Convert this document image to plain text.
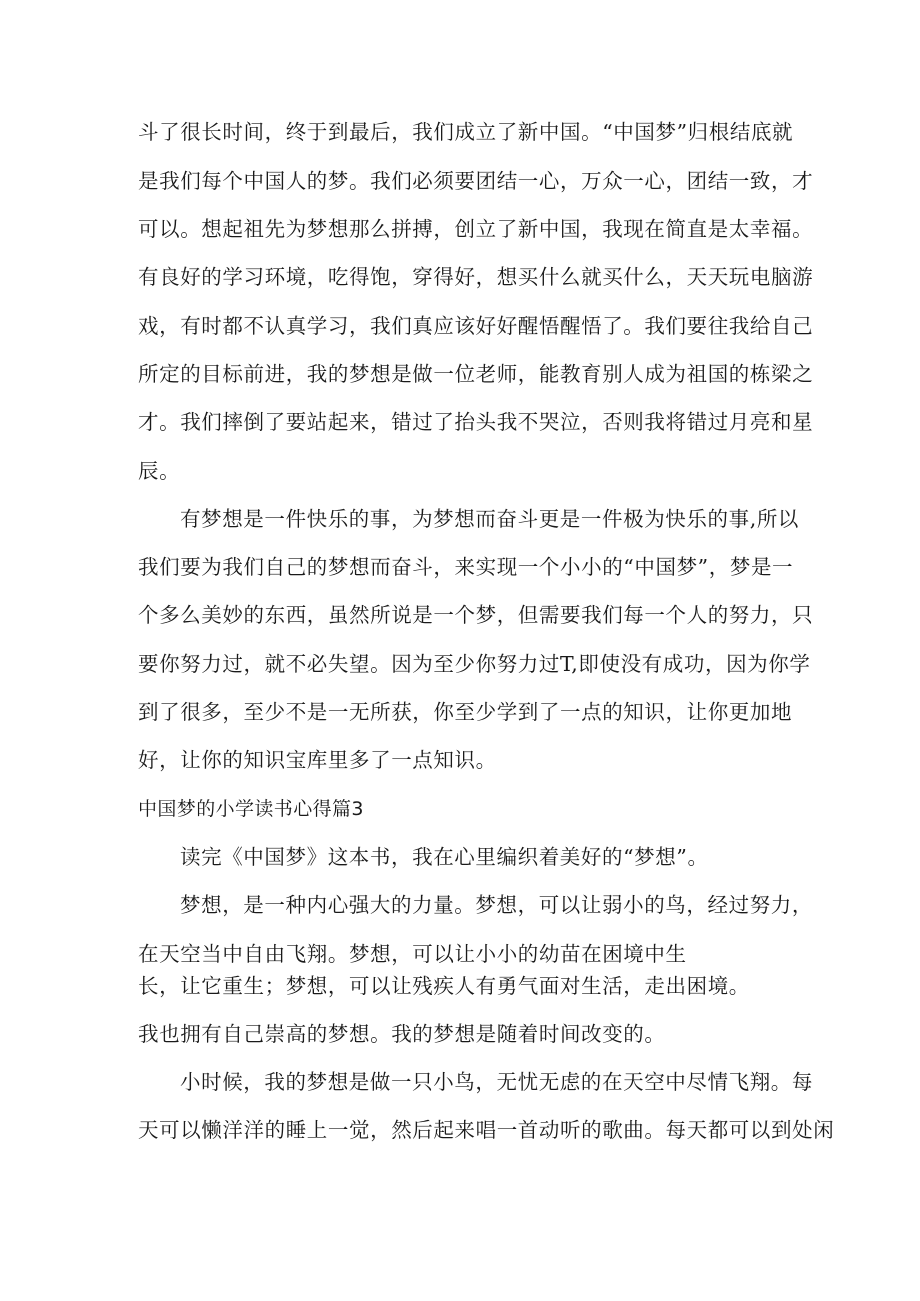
斗了很长时间，终于到最后，我们成立了新中国。“中国梦”归根结底就
是我们每个中国人的梦。我们必须要团结一心，万众一心，团结一致，才
可以。想起祖先为梦想那么拼搏，创立了新中国，我现在简直是太幸福。
有良好的学习环境，吃得饱，穿得好，想买什么就买什么，天天玩电脑游
戏，有时都不认真学习，我们真应该好好醒悟醒悟了。我们要往我给自己
所定的目标前进，我的梦想是做一位老师，能教育别人成为祖国的栋梁之
才。我们摔倒了要站起来，错过了抬头我不哭泣，否则我将错过月亮和星
辰。
有梦想是一件快乐的事，为梦想而奋斗更是一件极为快乐的事,所以
我们要为我们自己的梦想而奋斗，来实现一个小小的“中国梦”，梦是一
个多么美妙的东西，虽然所说是一个梦，但需要我们每一个人的努力，只
要你努力过，就不必失望。因为至少你努力过T,即使没有成功，因为你学
到了很多，至少不是一无所获，你至少学到了一点的知识，让你更加地
好，让你的知识宝库里多了一点知识。
中国梦的小学读书心得篇3
读完《中国梦》这本书，我在心里编织着美好的“梦想”。
梦想，是一种内心强大的力量。梦想，可以让弱小的鸟，经过努力，
在天空当中自由飞翔。梦想，可以让小小的幼苗在困境中生
长，让它重生；梦想，可以让残疾人有勇气面对生活，走出困境。
我也拥有自己崇高的梦想。我的梦想是随着时间改变的。
小时候，我的梦想是做一只小鸟，无忧无虑的在天空中尽情飞翔。每
天可以懒洋洋的睡上一觉，然后起来唱一首动听的歌曲。每天都可以到处闲
